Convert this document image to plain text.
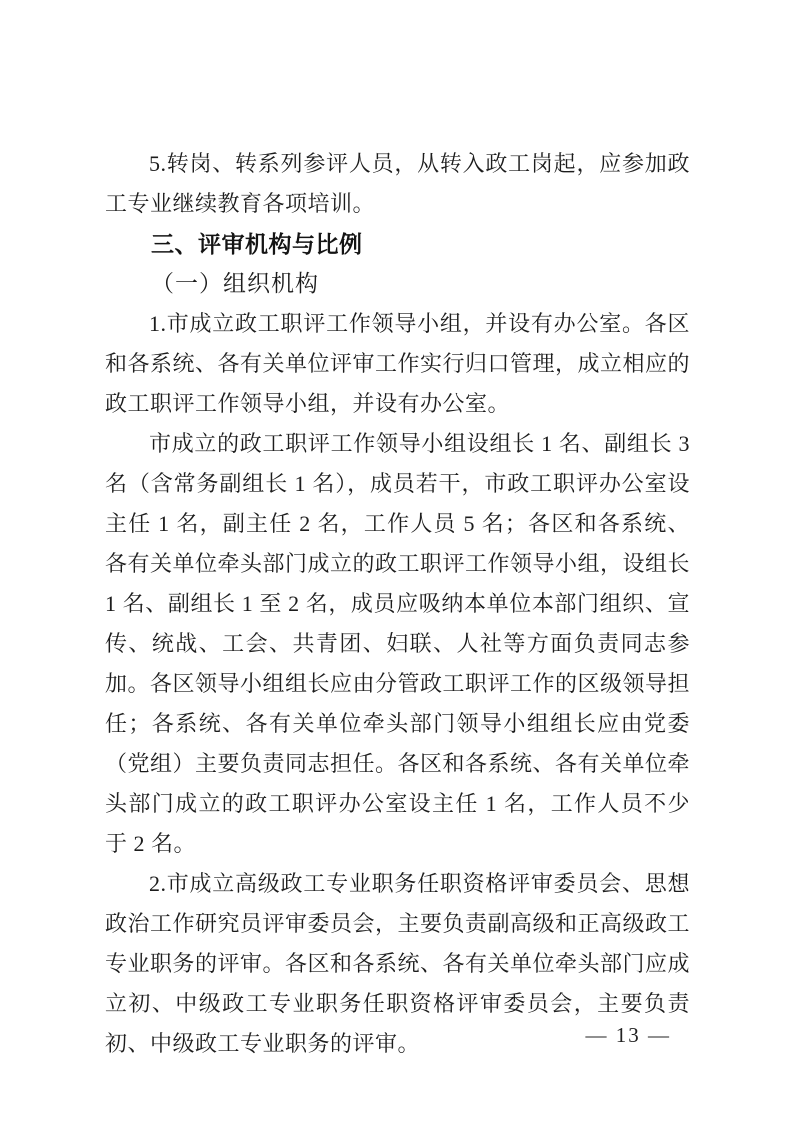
5.转岗、转系列参评人员，从转入政工岗起，应参加政工专业继续教育各项培训。

三、评审机构与比例
（一）组织机构

1.市成立政工职评工作领导小组，并设有办公室。各区和各系统、各有关单位评审工作实行归口管理，成立相应的政工职评工作领导小组，并设有办公室。

市成立的政工职评工作领导小组设组长 1 名、副组长 3 名（含常务副组长 1 名），成员若干，市政工职评办公室设主任 1 名，副主任 2 名，工作人员 5 名；各区和各系统、各有关单位牵头部门成立的政工职评工作领导小组，设组长 1 名、副组长 1 至 2 名，成员应吸纳本单位本部门组织、宣传、统战、工会、共青团、妇联、人社等方面负责同志参加。各区领导小组组长应由分管政工职评工作的区级领导担任；各系统、各有关单位牵头部门领导小组组长应由党委（党组）主要负责同志担任。各区和各系统、各有关单位牵头部门成立的政工职评办公室设主任 1 名，工作人员不少于 2 名。

2.市成立高级政工专业职务任职资格评审委员会、思想政治工作研究员评审委员会，主要负责副高级和正高级政工专业职务的评审。各区和各系统、各有关单位牵头部门应成立初、中级政工专业职务任职资格评审委员会，主要负责初、中级政工专业职务的评审。	— 13 —
